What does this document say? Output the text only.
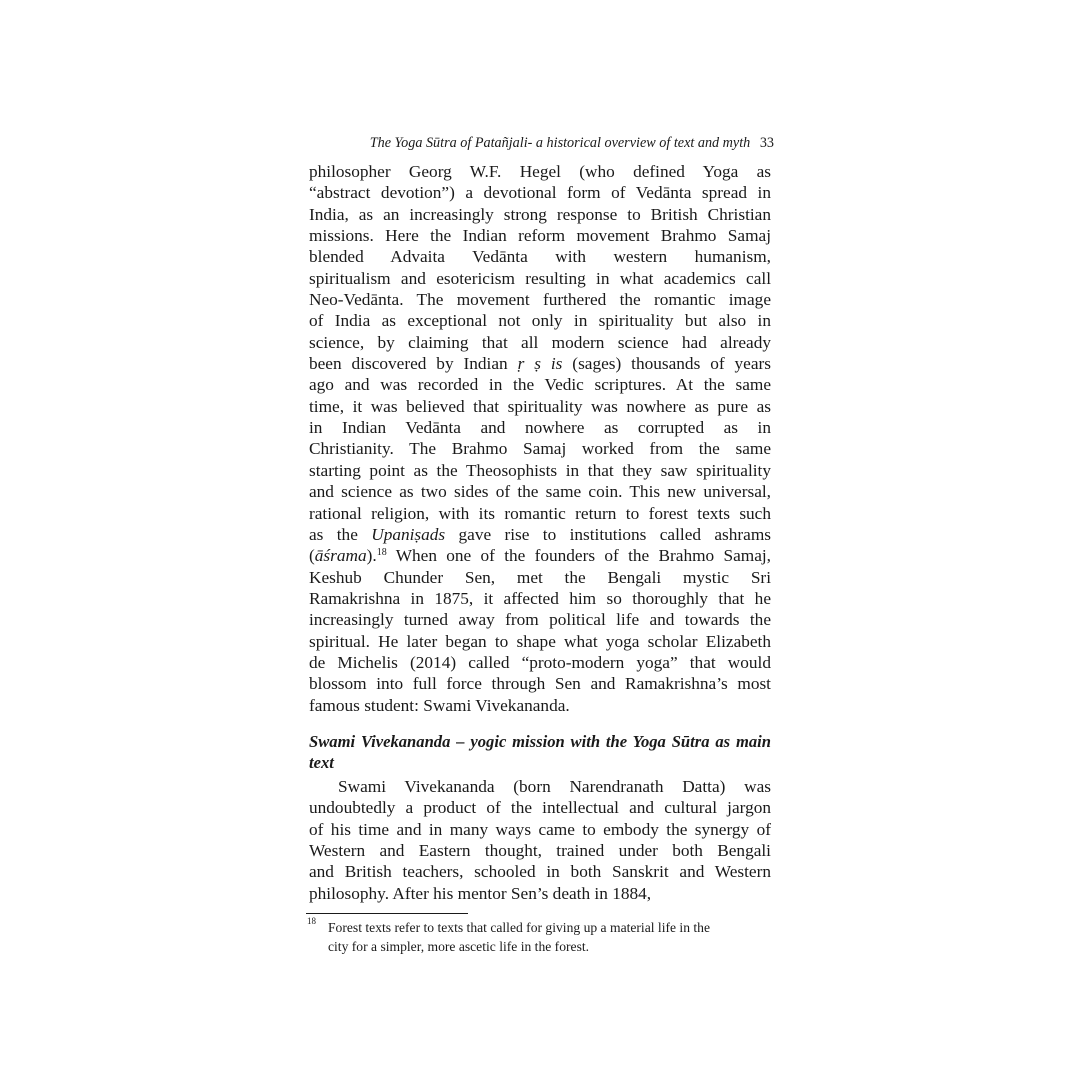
The Yoga Sūtra of Patañjali- a historical overview of text and myth 33
philosopher Georg W.F. Hegel (who defined Yoga as
“abstract devotion”) a devotional form of Vedānta spread in
India, as an increasingly strong response to British Christian
missions. Here the Indian reform movement Brahmo Samaj
blended Advaita Vedānta with western humanism,
spiritualism and esotericism resulting in what academics call
Neo-Vedānta. The movement furthered the romantic image
of India as exceptional not only in spirituality but also in
science, by claiming that all modern science had already
been discovered by Indian ṛ ṣ is (sages) thousands of years
ago and was recorded in the Vedic scriptures. At the same
time, it was believed that spirituality was nowhere as pure as
in Indian Vedānta and nowhere as corrupted as in
Christianity. The Brahmo Samaj worked from the same
starting point as the Theosophists in that they saw spirituality
and science as two sides of the same coin. This new universal,
rational religion, with its romantic return to forest texts such
as the Upaniṣads gave rise to institutions called ashrams
(āśrama).$^{18}$ When one of the founders of the Brahmo Samaj,
Keshub Chunder Sen, met the Bengali mystic Sri
Ramakrishna in 1875, it affected him so thoroughly that he
increasingly turned away from political life and towards the
spiritual. He later began to shape what yoga scholar Elizabeth
de Michelis (2014) called “proto-modern yoga” that would
blossom into full force through Sen and Ramakrishna’s most
famous student: Swami Vivekananda.
Swami Vivekananda – yogic mission with the Yoga Sūtra as main
text
Swami Vivekananda (born Narendranath Datta) was
undoubtedly a product of the intellectual and cultural jargon
of his time and in many ways came to embody the synergy of
Western and Eastern thought, trained under both Bengali
and British teachers, schooled in both Sanskrit and Western
philosophy. After his mentor Sen’s death in 1884,
18 Forest texts refer to texts that called for giving up a material life in the
city for a simpler, more ascetic life in the forest.
